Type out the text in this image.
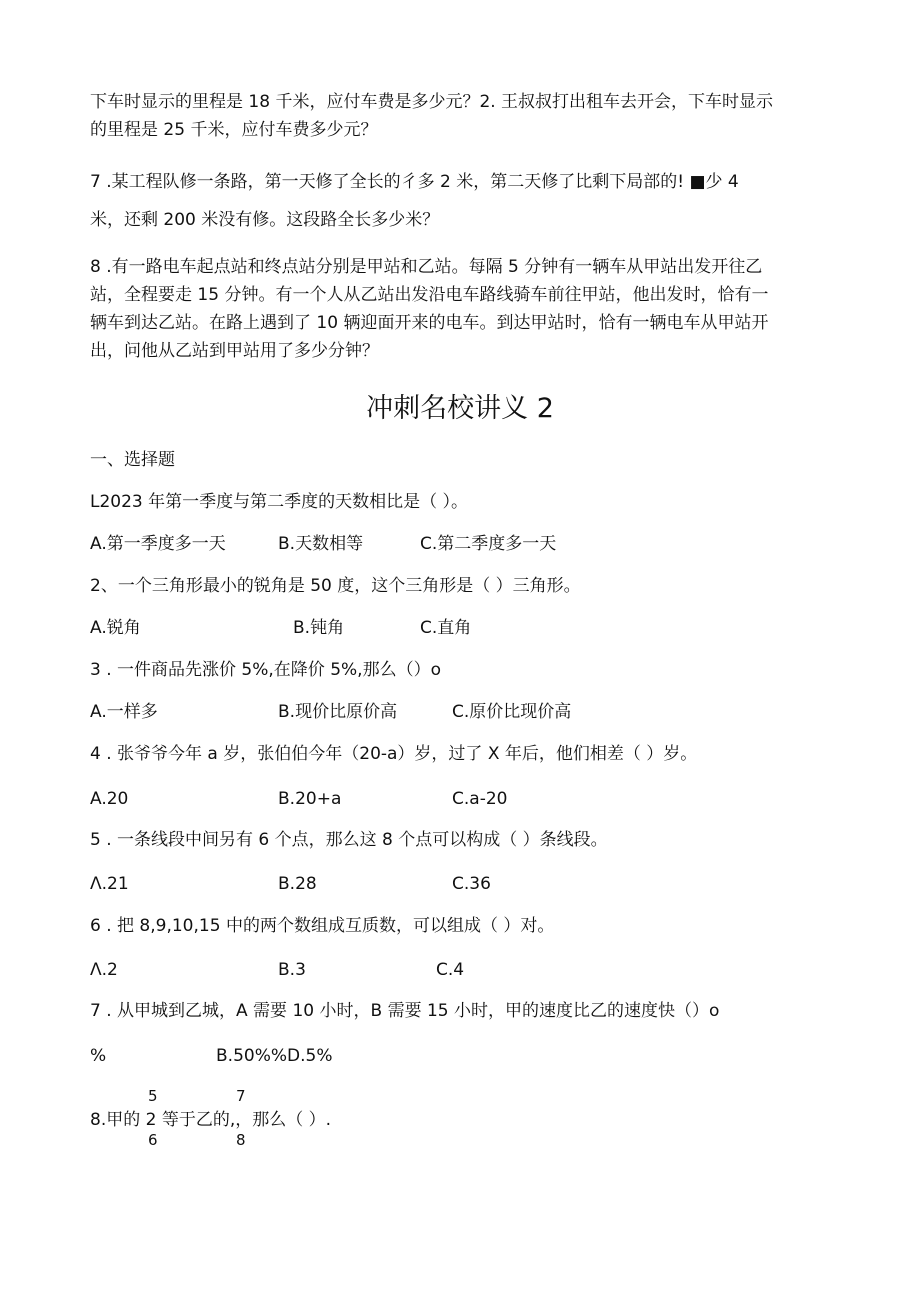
下车时显示的里程是 18 千米，应付车费是多少元？2. 王叔叔打出租车去开会，下车时显示
的里程是 25 千米，应付车费多少元？
7 .某工程队修一条路，第一天修了全长的彳多 2 米，第二天修了比剩下局部的! ■少 4
米，还剩 200 米没有修。这段路全长多少米？
8 .有一路电车起点站和终点站分别是甲站和乙站。每隔 5 分钟有一辆车从甲站出发开往乙
站，全程要走 15 分钟。有一个人从乙站出发沿电车路线骑车前往甲站，他出发时，恰有一
辆车到达乙站。在路上遇到了 10 辆迎面开来的电车。到达甲站时，恰有一辆电车从甲站开
出，问他从乙站到甲站用了多少分钟？
冲刺名校讲义 2
一、选择题
L2023 年第一季度与第二季度的天数相比是（ ）。
A.第一季度多一天	B.天数相等	C.第二季度多一天
2、一个三角形最小的锐角是 50 度，这个三角形是（ ）三角形。
A.锐角	B.钝角	C.直角
3 . 一件商品先涨价 5%,在降价 5%,那么（）o
A.一样多	B.现价比原价高	C.原价比现价高
4 . 张爷爷今年 a 岁，张伯伯今年（20-a）岁，过了 X 年后，他们相差（ ）岁。
A.20	B.20+a	C.a-20
5 . 一条线段中间另有 6 个点，那么这 8 个点可以构成（ ）条线段。
Λ.21	B.28	C.36
6 . 把 8,9,10,15 中的两个数组成互质数，可以组成（ ）对。
Λ.2	B.3	C.4
7 . 从甲城到乙城，A 需要 10 小时，B 需要 15 小时，甲的速度比乙的速度快（）o
%	B.50%%D.5%
5	7
8.甲的 2 等于乙的,，那么（ ）.
6	8
